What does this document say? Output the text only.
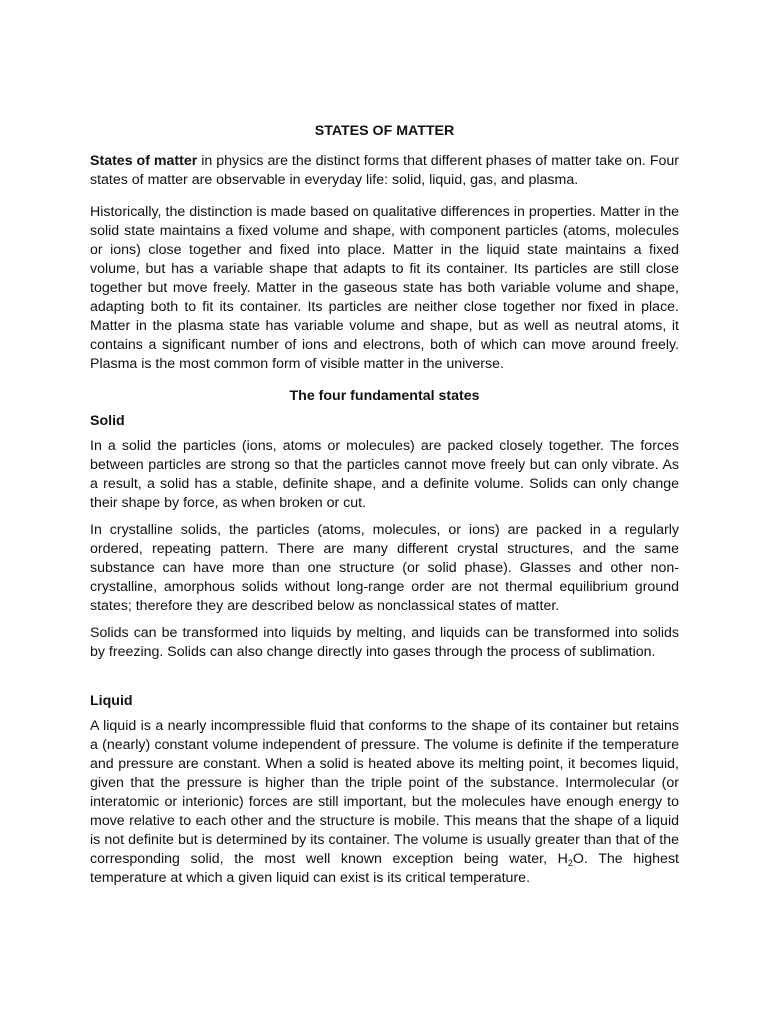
STATES OF MATTER

States of matter in physics are the distinct forms that different phases of matter take on. Four states of matter are observable in everyday life: solid, liquid, gas, and plasma.

Historically, the distinction is made based on qualitative differences in properties. Matter in the solid state maintains a fixed volume and shape, with component particles (atoms, molecules or ions) close together and fixed into place. Matter in the liquid state maintains a fixed volume, but has a variable shape that adapts to fit its container. Its particles are still close together but move freely. Matter in the gaseous state has both variable volume and shape, adapting both to fit its container. Its particles are neither close together nor fixed in place. Matter in the plasma state has variable volume and shape, but as well as neutral atoms, it contains a significant number of ions and electrons, both of which can move around freely. Plasma is the most common form of visible matter in the universe.

The four fundamental states
Solid

In a solid the particles (ions, atoms or molecules) are packed closely together. The forces between particles are strong so that the particles cannot move freely but can only vibrate. As a result, a solid has a stable, definite shape, and a definite volume. Solids can only change their shape by force, as when broken or cut.

In crystalline solids, the particles (atoms, molecules, or ions) are packed in a regularly ordered, repeating pattern. There are many different crystal structures, and the same substance can have more than one structure (or solid phase). Glasses and other non-crystalline, amorphous solids without long-range order are not thermal equilibrium ground states; therefore they are described below as nonclassical states of matter.

Solids can be transformed into liquids by melting, and liquids can be transformed into solids by freezing. Solids can also change directly into gases through the process of sublimation.

Liquid

A liquid is a nearly incompressible fluid that conforms to the shape of its container but retains a (nearly) constant volume independent of pressure. The volume is definite if the temperature and pressure are constant. When a solid is heated above its melting point, it becomes liquid, given that the pressure is higher than the triple point of the substance. Intermolecular (or interatomic or interionic) forces are still important, but the molecules have enough energy to move relative to each other and the structure is mobile. This means that the shape of a liquid is not definite but is determined by its container. The volume is usually greater than that of the corresponding solid, the most well known exception being water, $H_2O$. The highest temperature at which a given liquid can exist is its critical temperature.
